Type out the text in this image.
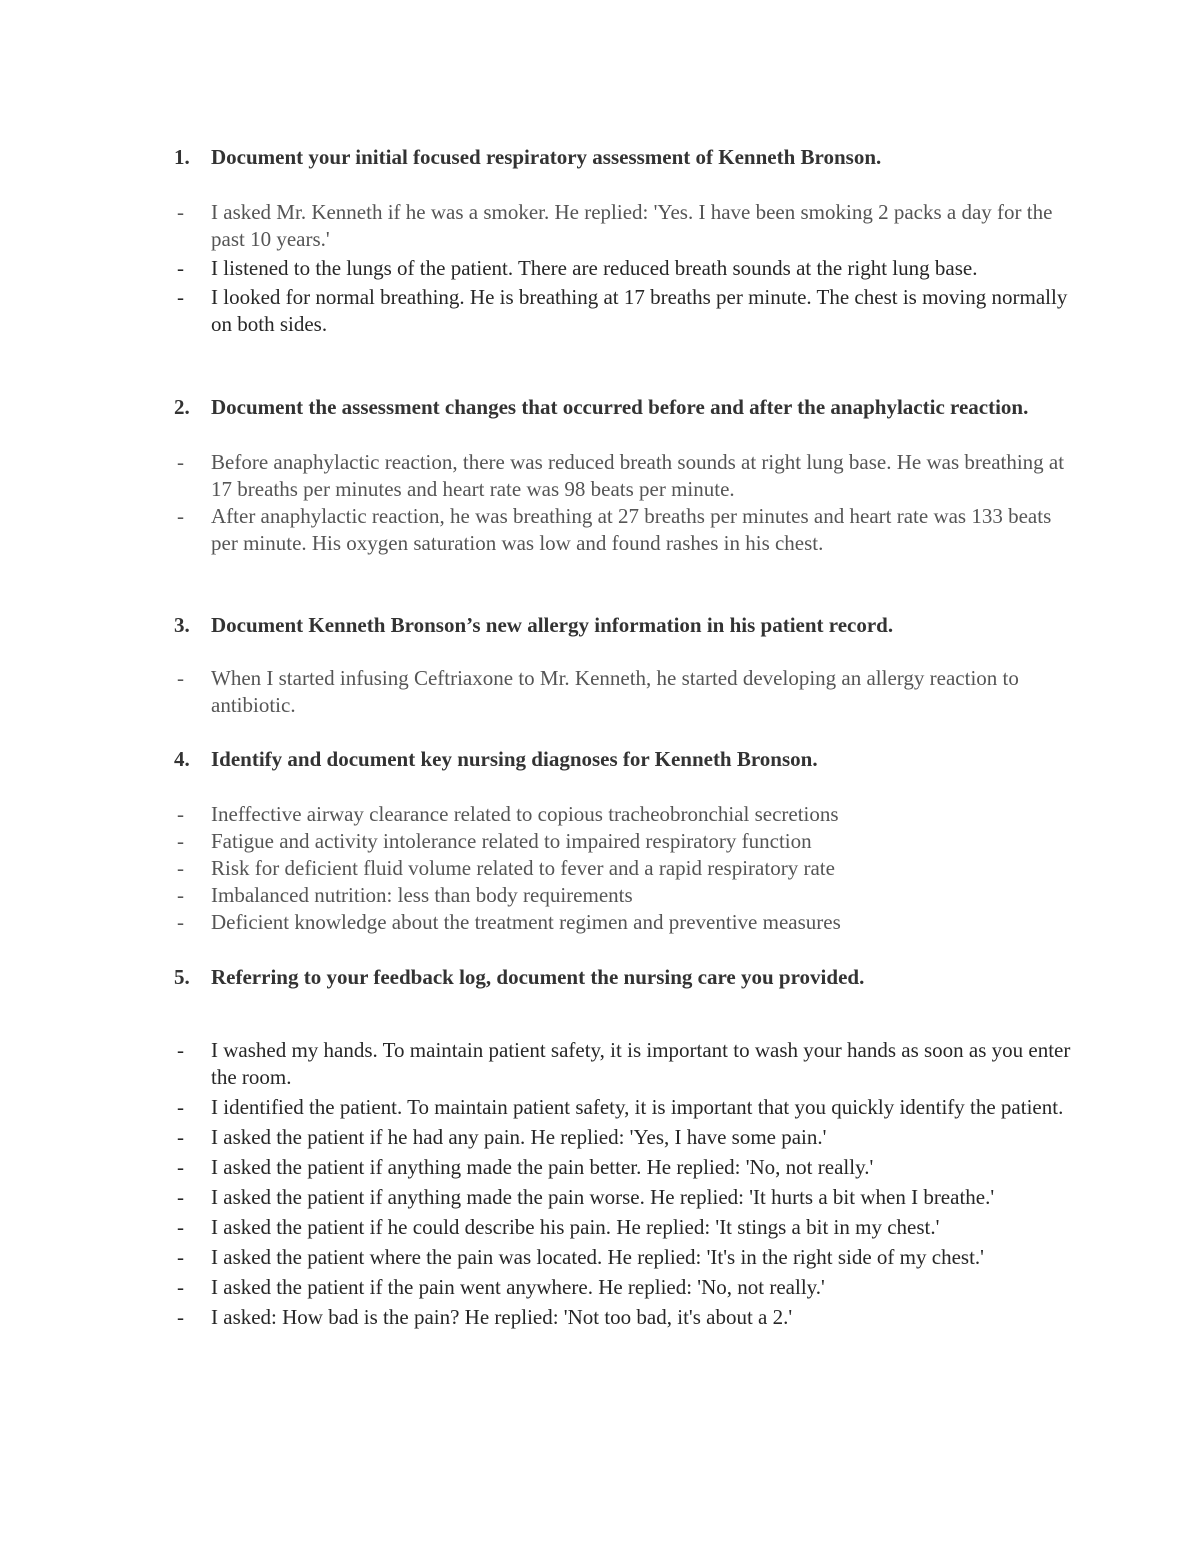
1. Document your initial focused respiratory assessment of Kenneth Bronson.
- I asked Mr. Kenneth if he was a smoker. He replied: 'Yes. I have been smoking 2 packs a day for the past 10 years.'
- I listened to the lungs of the patient. There are reduced breath sounds at the right lung base.
- I looked for normal breathing. He is breathing at 17 breaths per minute. The chest is moving normally on both sides.
2. Document the assessment changes that occurred before and after the anaphylactic reaction.
- Before anaphylactic reaction, there was reduced breath sounds at right lung base. He was breathing at 17 breaths per minutes and heart rate was 98 beats per minute.
- After anaphylactic reaction, he was breathing at 27 breaths per minutes and heart rate was 133 beats per minute. His oxygen saturation was low and found rashes in his chest.
3. Document Kenneth Bronson’s new allergy information in his patient record.
- When I started infusing Ceftriaxone to Mr. Kenneth, he started developing an allergy reaction to antibiotic.
4. Identify and document key nursing diagnoses for Kenneth Bronson.
- Ineffective airway clearance related to copious tracheobronchial secretions
- Fatigue and activity intolerance related to impaired respiratory function
- Risk for deficient fluid volume related to fever and a rapid respiratory rate
- Imbalanced nutrition: less than body requirements
- Deficient knowledge about the treatment regimen and preventive measures
5. Referring to your feedback log, document the nursing care you provided.
- I washed my hands. To maintain patient safety, it is important to wash your hands as soon as you enter the room.
- I identified the patient. To maintain patient safety, it is important that you quickly identify the patient.
- I asked the patient if he had any pain. He replied: 'Yes, I have some pain.'
- I asked the patient if anything made the pain better. He replied: 'No, not really.'
- I asked the patient if anything made the pain worse. He replied: 'It hurts a bit when I breathe.'
- I asked the patient if he could describe his pain. He replied: 'It stings a bit in my chest.'
- I asked the patient where the pain was located. He replied: 'It's in the right side of my chest.'
- I asked the patient if the pain went anywhere. He replied: 'No, not really.'
- I asked: How bad is the pain? He replied: 'Not too bad, it's about a 2.'
